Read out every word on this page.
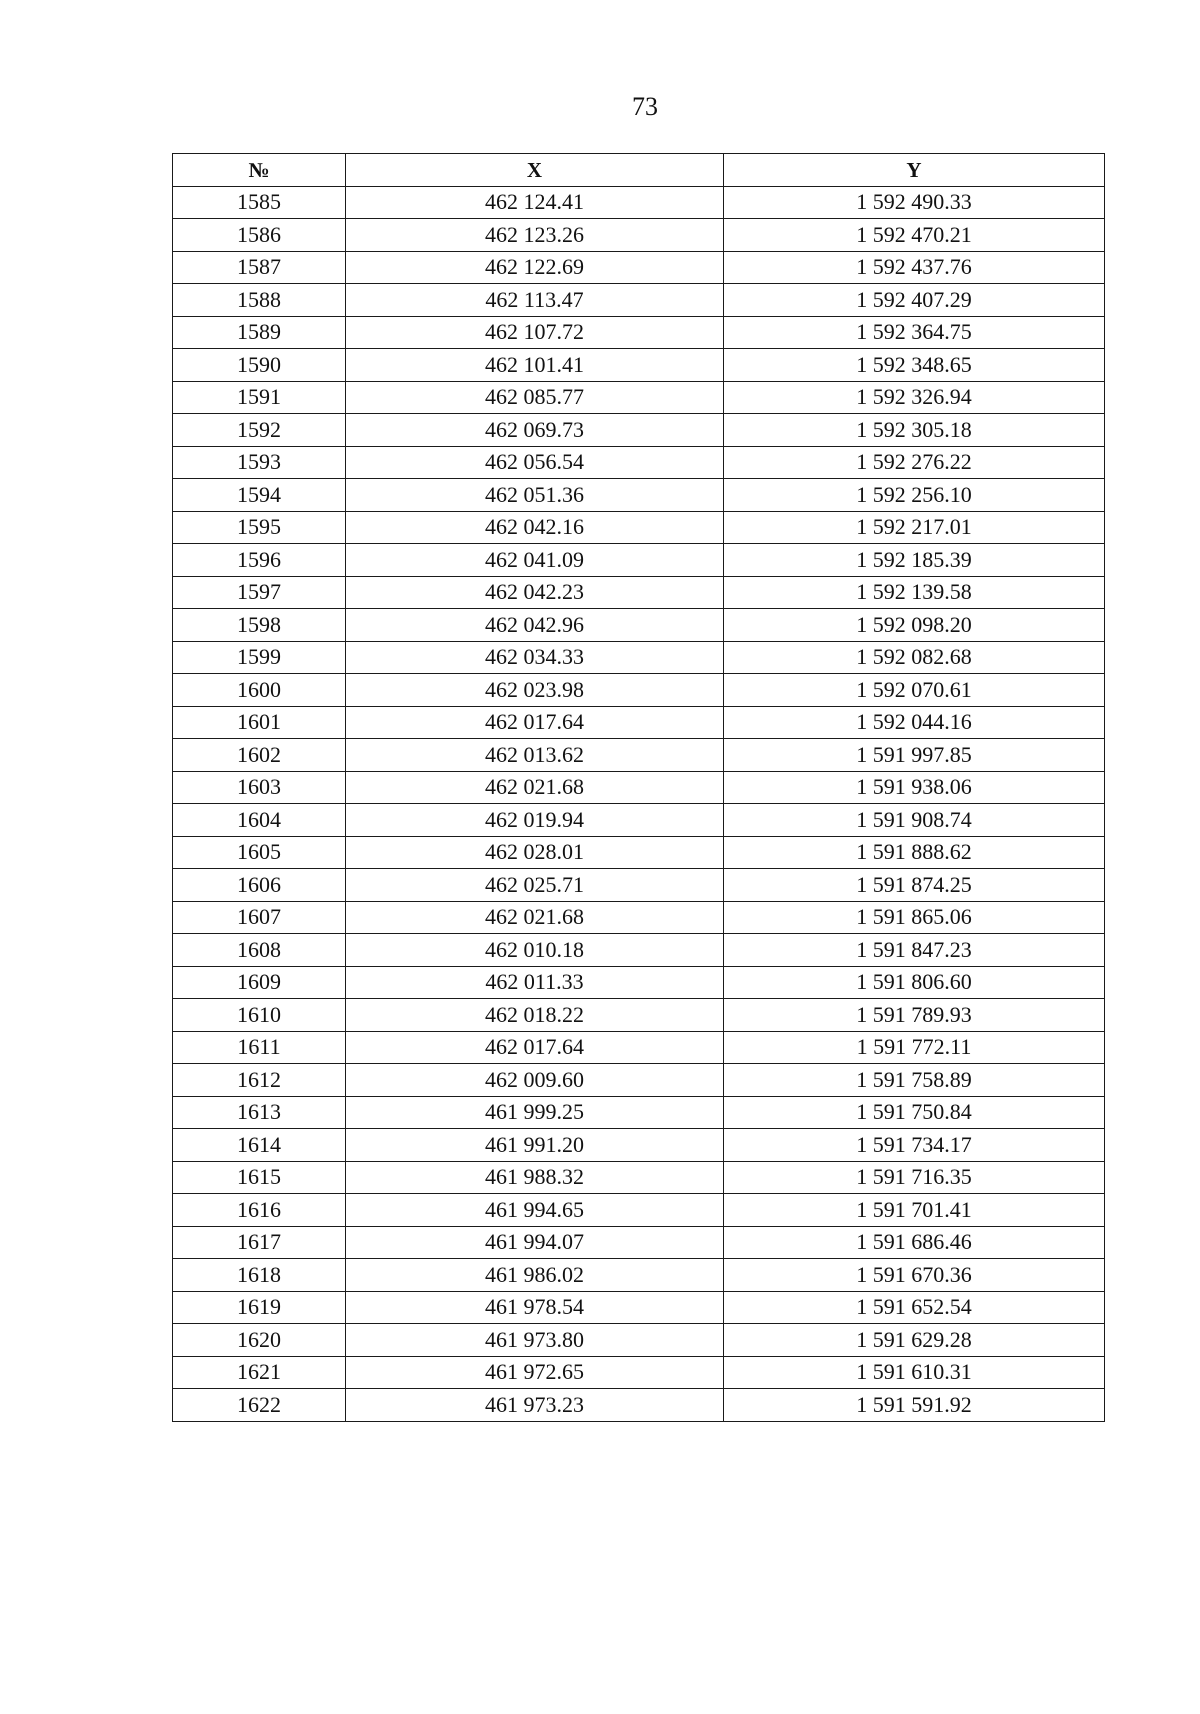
73
№	X	Y
1585	462 124.41	1 592 490.33
1586	462 123.26	1 592 470.21
1587	462 122.69	1 592 437.76
1588	462 113.47	1 592 407.29
1589	462 107.72	1 592 364.75
1590	462 101.41	1 592 348.65
1591	462 085.77	1 592 326.94
1592	462 069.73	1 592 305.18
1593	462 056.54	1 592 276.22
1594	462 051.36	1 592 256.10
1595	462 042.16	1 592 217.01
1596	462 041.09	1 592 185.39
1597	462 042.23	1 592 139.58
1598	462 042.96	1 592 098.20
1599	462 034.33	1 592 082.68
1600	462 023.98	1 592 070.61
1601	462 017.64	1 592 044.16
1602	462 013.62	1 591 997.85
1603	462 021.68	1 591 938.06
1604	462 019.94	1 591 908.74
1605	462 028.01	1 591 888.62
1606	462 025.71	1 591 874.25
1607	462 021.68	1 591 865.06
1608	462 010.18	1 591 847.23
1609	462 011.33	1 591 806.60
1610	462 018.22	1 591 789.93
1611	462 017.64	1 591 772.11
1612	462 009.60	1 591 758.89
1613	461 999.25	1 591 750.84
1614	461 991.20	1 591 734.17
1615	461 988.32	1 591 716.35
1616	461 994.65	1 591 701.41
1617	461 994.07	1 591 686.46
1618	461 986.02	1 591 670.36
1619	461 978.54	1 591 652.54
1620	461 973.80	1 591 629.28
1621	461 972.65	1 591 610.31
1622	461 973.23	1 591 591.92
